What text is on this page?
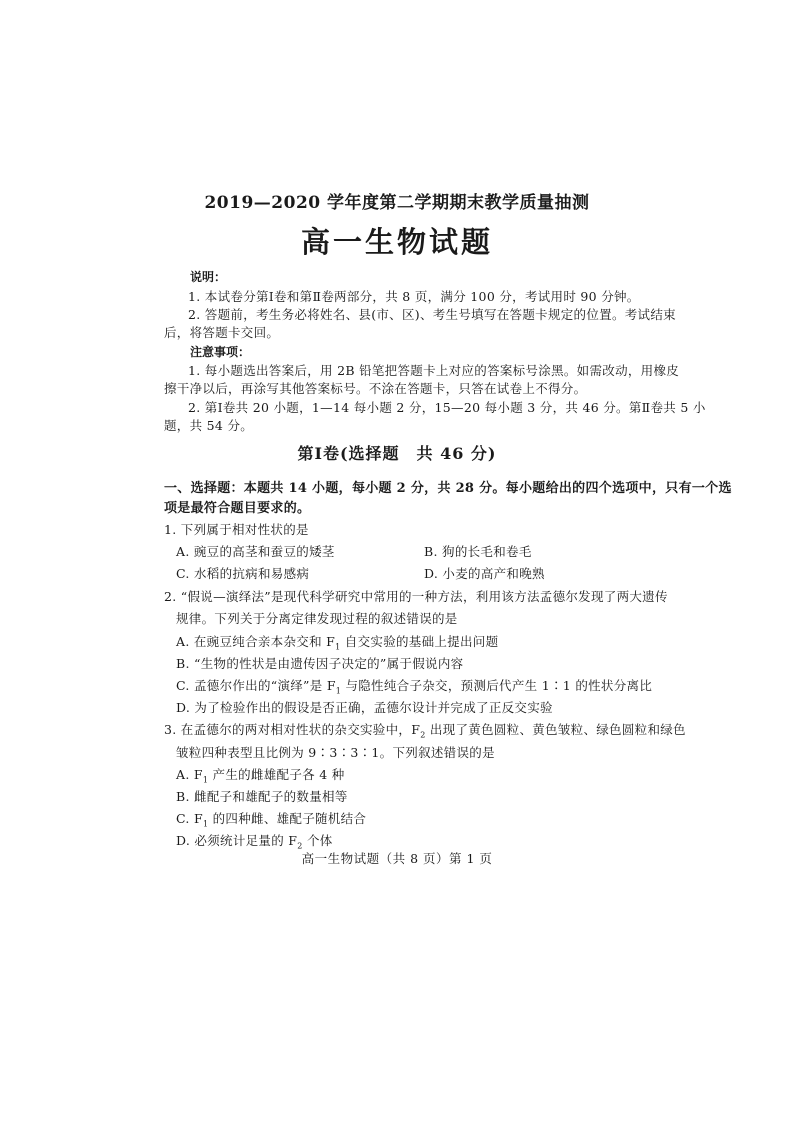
2019—2020 学年度第二学期期末教学质量抽测
高一生物试题
说明：
1. 本试卷分第Ⅰ卷和第Ⅱ卷两部分，共 8 页，满分 100 分，考试用时 90 分钟。
2. 答题前，考生务必将姓名、县(市、区)、考生号填写在答题卡规定的位置。考试结束
后，将答题卡交回。
注意事项：
1. 每小题选出答案后，用 2B 铅笔把答题卡上对应的答案标号涂黑。如需改动，用橡皮
擦干净以后，再涂写其他答案标号。不涂在答题卡，只答在试卷上不得分。
2. 第Ⅰ卷共 20 小题，1—14 每小题 2 分，15—20 每小题 3 分，共 46 分。第Ⅱ卷共 5 小
题，共 54 分。
第Ⅰ卷(选择题　共 46 分)
一、选择题：本题共 14 小题，每小题 2 分，共 28 分。每小题给出的四个选项中，只有一个选
项是最符合题目要求的。
1. 下列属于相对性状的是
A. 豌豆的高茎和蚕豆的矮茎	B. 狗的长毛和卷毛
C. 水稻的抗病和易感病	D. 小麦的高产和晚熟
2. “假说—演绎法”是现代科学研究中常用的一种方法，利用该方法孟德尔发现了两大遗传
规律。下列关于分离定律发现过程的叙述错误的是
A. 在豌豆纯合亲本杂交和 $F_1$ 自交实验的基础上提出问题
B. “生物的性状是由遗传因子决定的”属于假说内容
C. 孟德尔作出的“演绎”是 $F_1$ 与隐性纯合子杂交，预测后代产生 1∶1 的性状分离比
D. 为了检验作出的假设是否正确，孟德尔设计并完成了正反交实验
3. 在孟德尔的两对相对性状的杂交实验中，$F_2$ 出现了黄色圆粒、黄色皱粒、绿色圆粒和绿色
皱粒四种表型且比例为 9∶3∶3∶1。下列叙述错误的是
A. $F_1$ 产生的雌雄配子各 4 种
B. 雌配子和雄配子的数量相等
C. $F_1$ 的四种雌、雄配子随机结合
D. 必须统计足量的 $F_2$ 个体
高一生物试题（共 8 页）第 1 页
